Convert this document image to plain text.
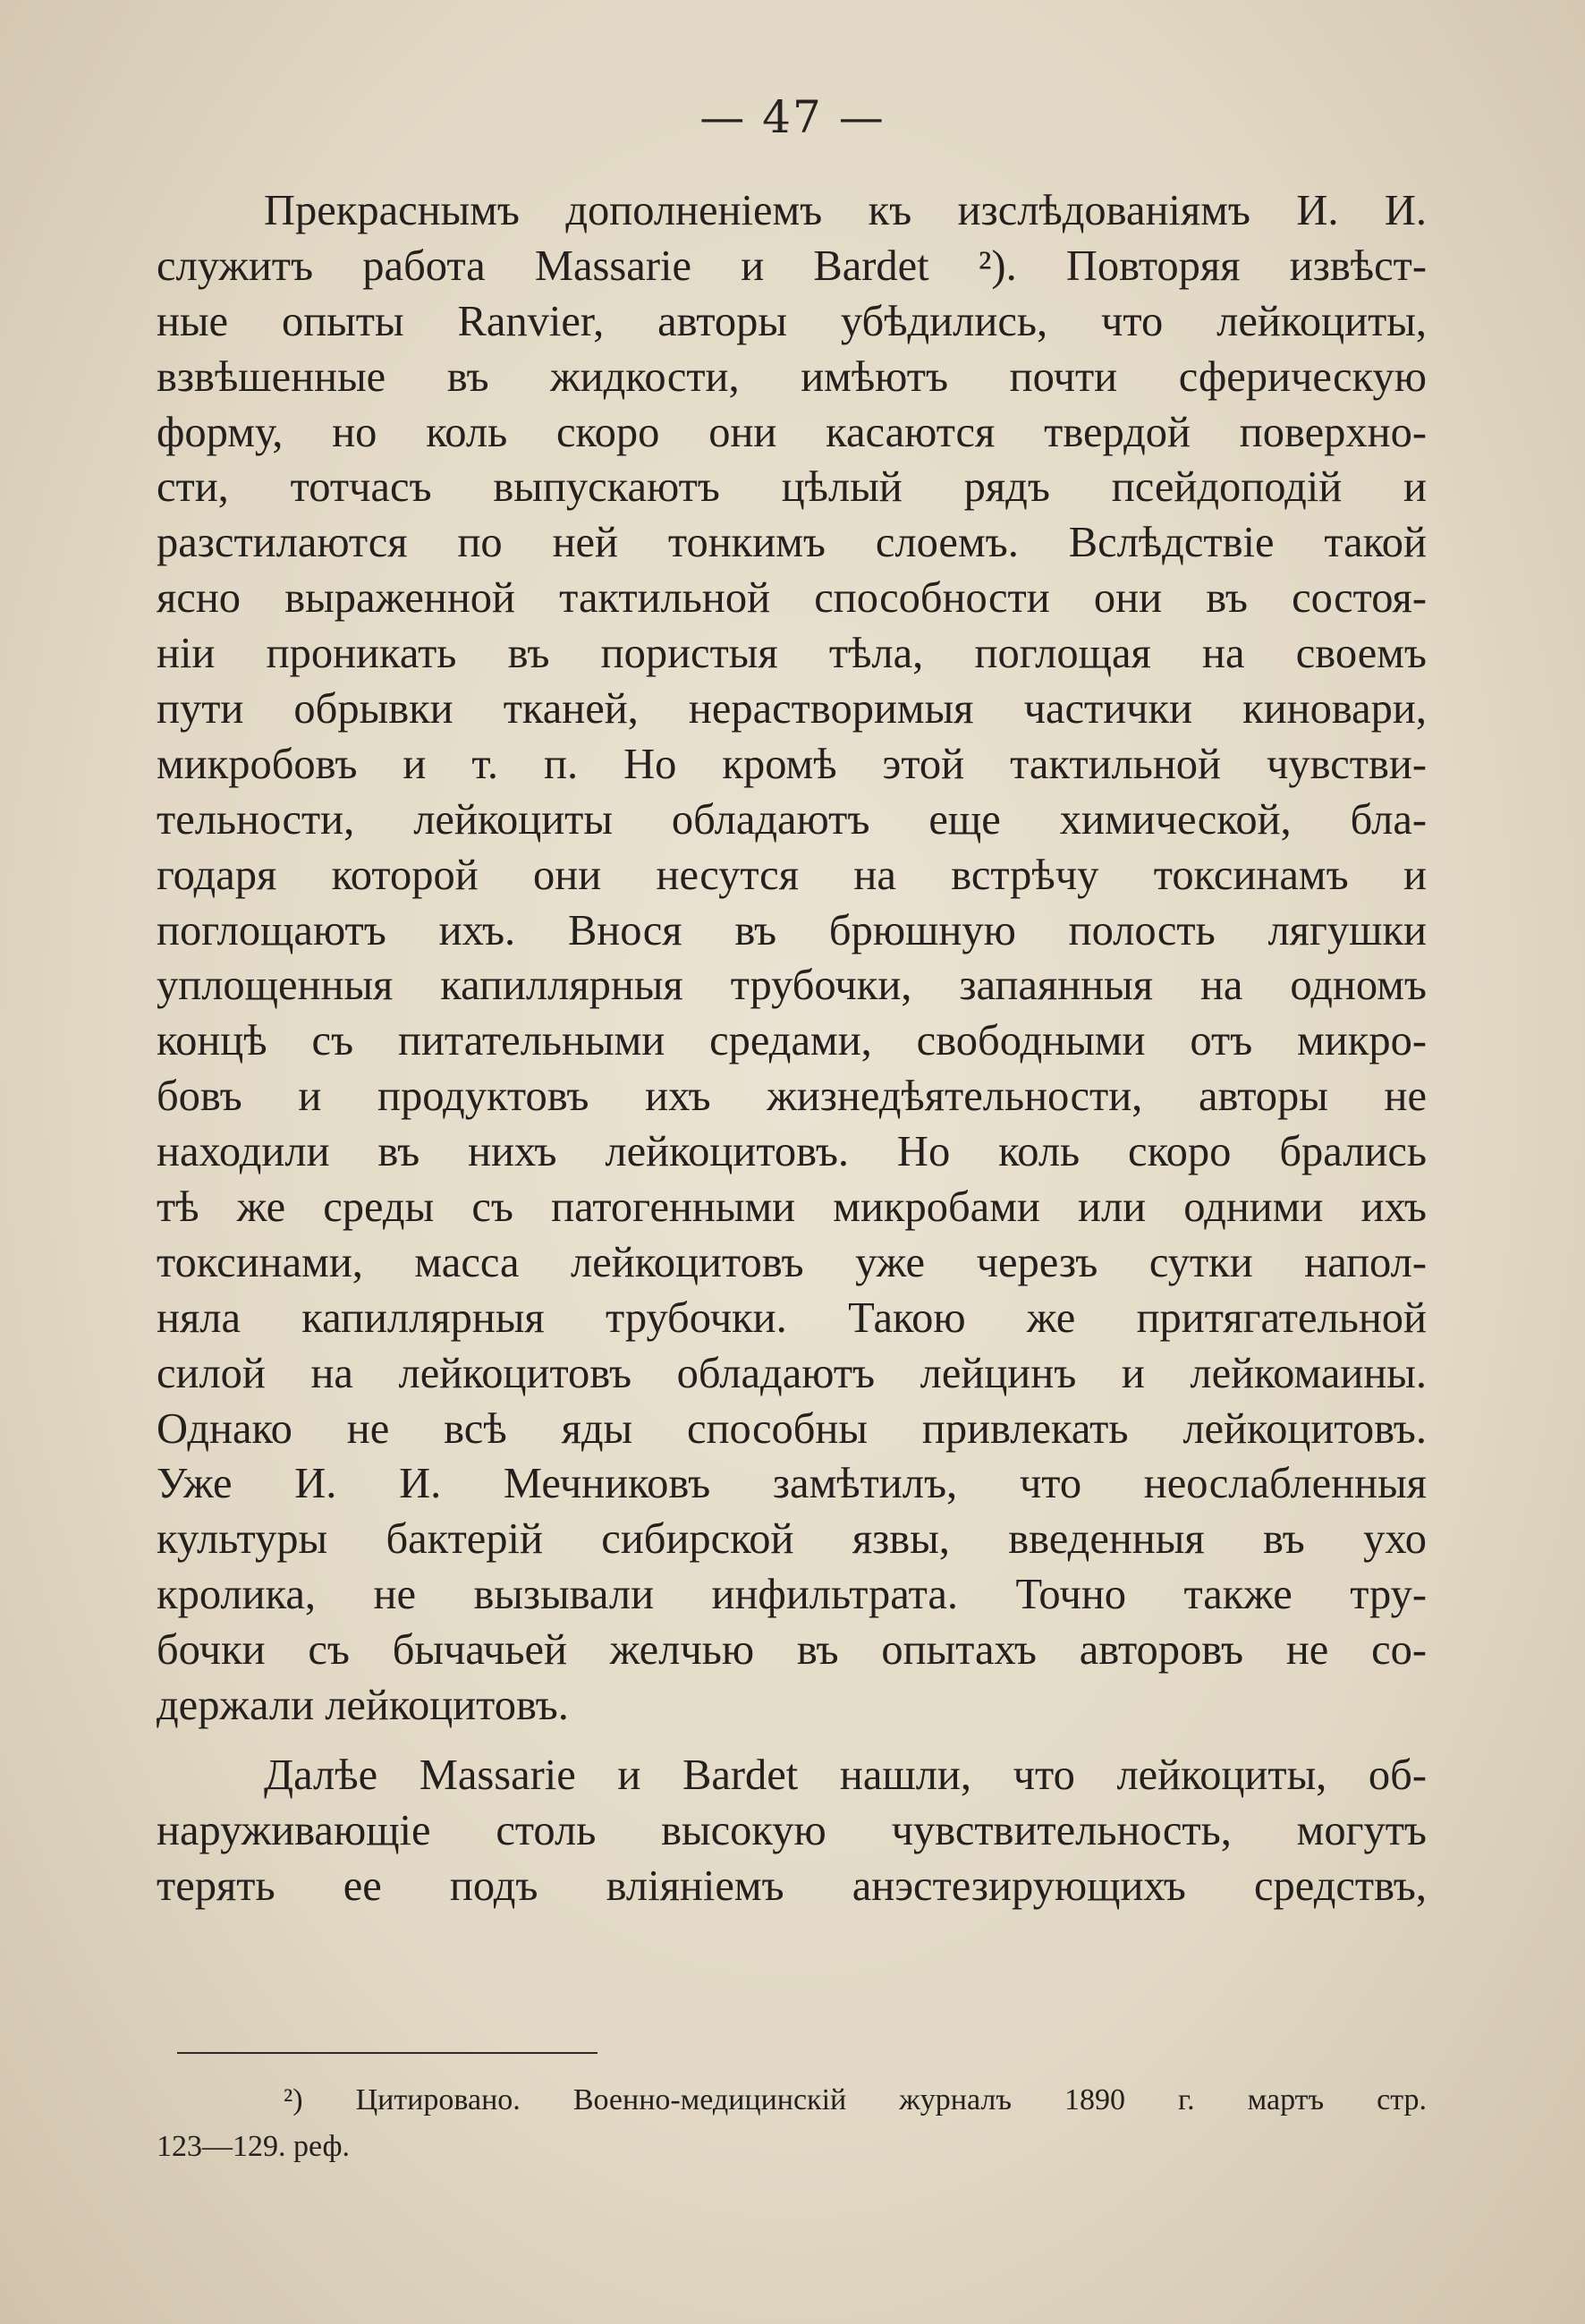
— 47 —
Прекраснымъ дополненіемъ къ изслѣдованіямъ И. И.
служитъ работа Massarie и Bardet ²). Повторяя извѣст-
ные опыты Ranvier, авторы убѣдились, что лейкоциты,
взвѣшенные въ жидкости, имѣютъ почти сферическую
форму, но коль скоро они касаются твердой поверхно-
сти, тотчасъ выпускаютъ цѣлый рядъ псейдоподій и
разстилаются по ней тонкимъ слоемъ. Вслѣдствіе такой
ясно выраженной тактильной способности они въ состоя-
ніи проникать въ пористыя тѣла, поглощая на своемъ
пути обрывки тканей, нерастворимыя частички киновари,
микробовъ и т. п. Но кромѣ этой тактильной чувстви-
тельности, лейкоциты обладаютъ еще химической, бла-
годаря которой они несутся на встрѣчу токсинамъ и
поглощаютъ ихъ. Внося въ брюшную полость лягушки
уплощенныя капиллярныя трубочки, запаянныя на одномъ
концѣ съ питательными средами, свободными отъ микро-
бовъ и продуктовъ ихъ жизнедѣятельности, авторы не
находили въ нихъ лейкоцитовъ. Но коль скоро брались
тѣ же среды съ патогенными микробами или одними ихъ
токсинами, масса лейкоцитовъ уже черезъ сутки напол-
няла капиллярныя трубочки. Такою же притягательной
силой на лейкоцитовъ обладаютъ лейцинъ и лейкомаины.
Однако не всѣ яды способны привлекать лейкоцитовъ.
Уже И. И. Мечниковъ замѣтилъ, что неослабленныя
культуры бактерій сибирской язвы, введенныя въ ухо
кролика, не вызывали инфильтрата. Точно также тру-
бочки съ бычачьей желчью въ опытахъ авторовъ не со-
держали лейкоцитовъ.
Далѣе Massarie и Bardet нашли, что лейкоциты, об-
наруживающіе столь высокую чувствительность, могутъ
терять ее подъ вліяніемъ анэстезирующихъ средствъ,
²) Цитировано. Военно-медицинскій журналъ 1890 г. мартъ стр.
123—129. реф.
